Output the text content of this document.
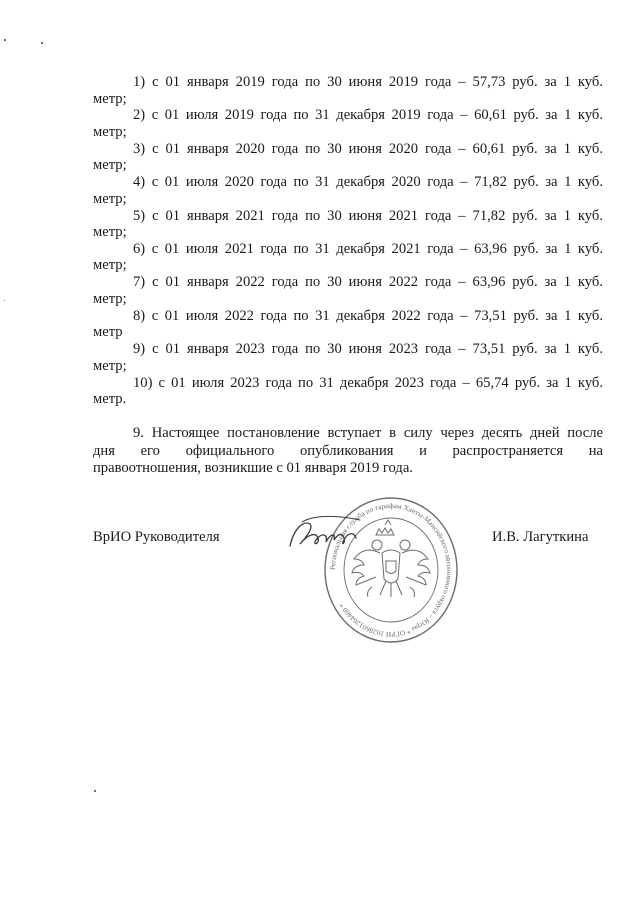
1) с 01 января 2019 года по 30 июня 2019 года – 57,73 руб. за 1 куб.
метр;
2) с 01 июля 2019 года по 31 декабря 2019 года – 60,61 руб. за 1 куб.
метр;
3) с 01 января 2020 года по 30 июня 2020 года – 60,61 руб. за 1 куб.
метр;
4) с 01 июля 2020 года по 31 декабря 2020 года – 71,82 руб. за 1 куб.
метр;
5) с 01 января 2021 года по 30 июня 2021 года – 71,82 руб. за 1 куб.
метр;
6) с 01 июля 2021 года по 31 декабря 2021 года – 63,96 руб. за 1 куб.
метр;
7) с 01 января 2022 года по 30 июня 2022 года – 63,96 руб. за 1 куб.
метр;
8) с 01 июля 2022 года по 31 декабря 2022 года – 73,51 руб. за 1 куб.
метр
9) с 01 января 2023 года по 30 июня 2023 года – 73,51 руб. за 1 куб.
метр;
10) с 01 июля 2023 года по 31 декабря 2023 года – 65,74 руб. за 1 куб.
метр.
9. Настоящее постановление вступает в силу через десять дней после
дня его официального опубликования и распространяется на
правоотношения, возникшие с 01 января 2019 года.
ВрИО Руководителя	И.В. Лагуткина
Региональная служба по тарифам Ханты-Мансийского автономного округа – Югры * ОГРН 1028601264460 *
